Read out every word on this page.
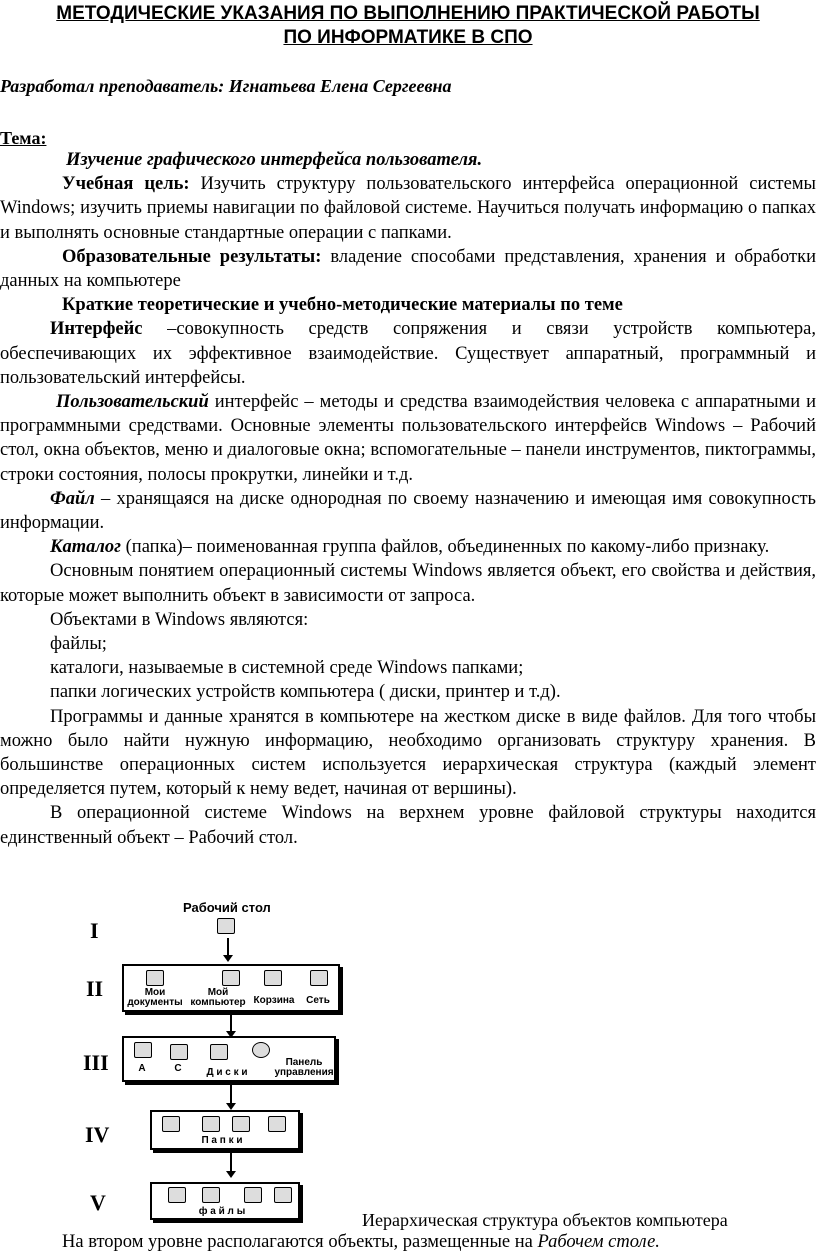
МЕТОДИЧЕСКИЕ УКАЗАНИЯ ПО ВЫПОЛНЕНИЮ ПРАКТИЧЕСКОЙ РАБОТЫ
ПО ИНФОРМАТИКЕ В СПО
Разработал преподаватель: Игнатьева Елена Сергеевна
Тема:

Изучение графического интерфейса пользователя.

Учебная цель: Изучить структуру пользовательского интерфейса операционной системы Windows; изучить приемы навигации по файловой системе. Научиться получать информацию о папках и выполнять основные стандартные операции с папками.

Образовательные результаты: владение способами представления, хранения и обработки данных на компьютере

Краткие теоретические и учебно-методические материалы по теме

Интерфейс –совокупность средств сопряжения и связи устройств компьютера, обеспечивающих их эффективное взаимодействие. Существует аппаратный, программный и пользовательский интерфейсы.

Пользовательский интерфейс – методы и средства взаимодействия человека с аппаратными и программными средствами. Основные элементы пользовательского интерфейсв Windows – Рабочий стол, окна объектов, меню и диалоговые окна; вспомогательные – панели инструментов, пиктограммы, строки состояния, полосы прокрутки, линейки и т.д.

Файл – хранящаяся на диске однородная по своему назначению и имеющая имя совокупность информации.

Каталог (папка)– поименованная группа файлов, объединенных по какому-либо признаку.

Основным понятием операционный системы Windows является объект, его свойства и действия, которые может выполнить объект в зависимости от запроса.

Объектами в Windows являются:

файлы;

каталоги, называемые в системной среде Windows папками;

папки логических устройств компьютера ( диски, принтер и т.д).

Программы и данные хранятся в компьютере на жестком диске в виде файлов. Для того чтобы можно было найти нужную информацию, необходимо организовать структуру хранения. В большинстве операционных систем используется иерархическая структура (каждый элемент определяется путем, который к нему ведет, начиная от вершины).

В операционной системе Windows на верхнем уровне файловой структуры находится единственный объект – Рабочий стол.

Рабочий стол
I
II
III
IV
V
Мои документы
Мой компьютер Корзина	Сеть
А	С	Д и с к и
Панель управления
П а п к и
ф а й л ы	Иерархическая структура объектов компьютера
На втором уровне располагаются объекты, размещенные на Рабочем столе.
